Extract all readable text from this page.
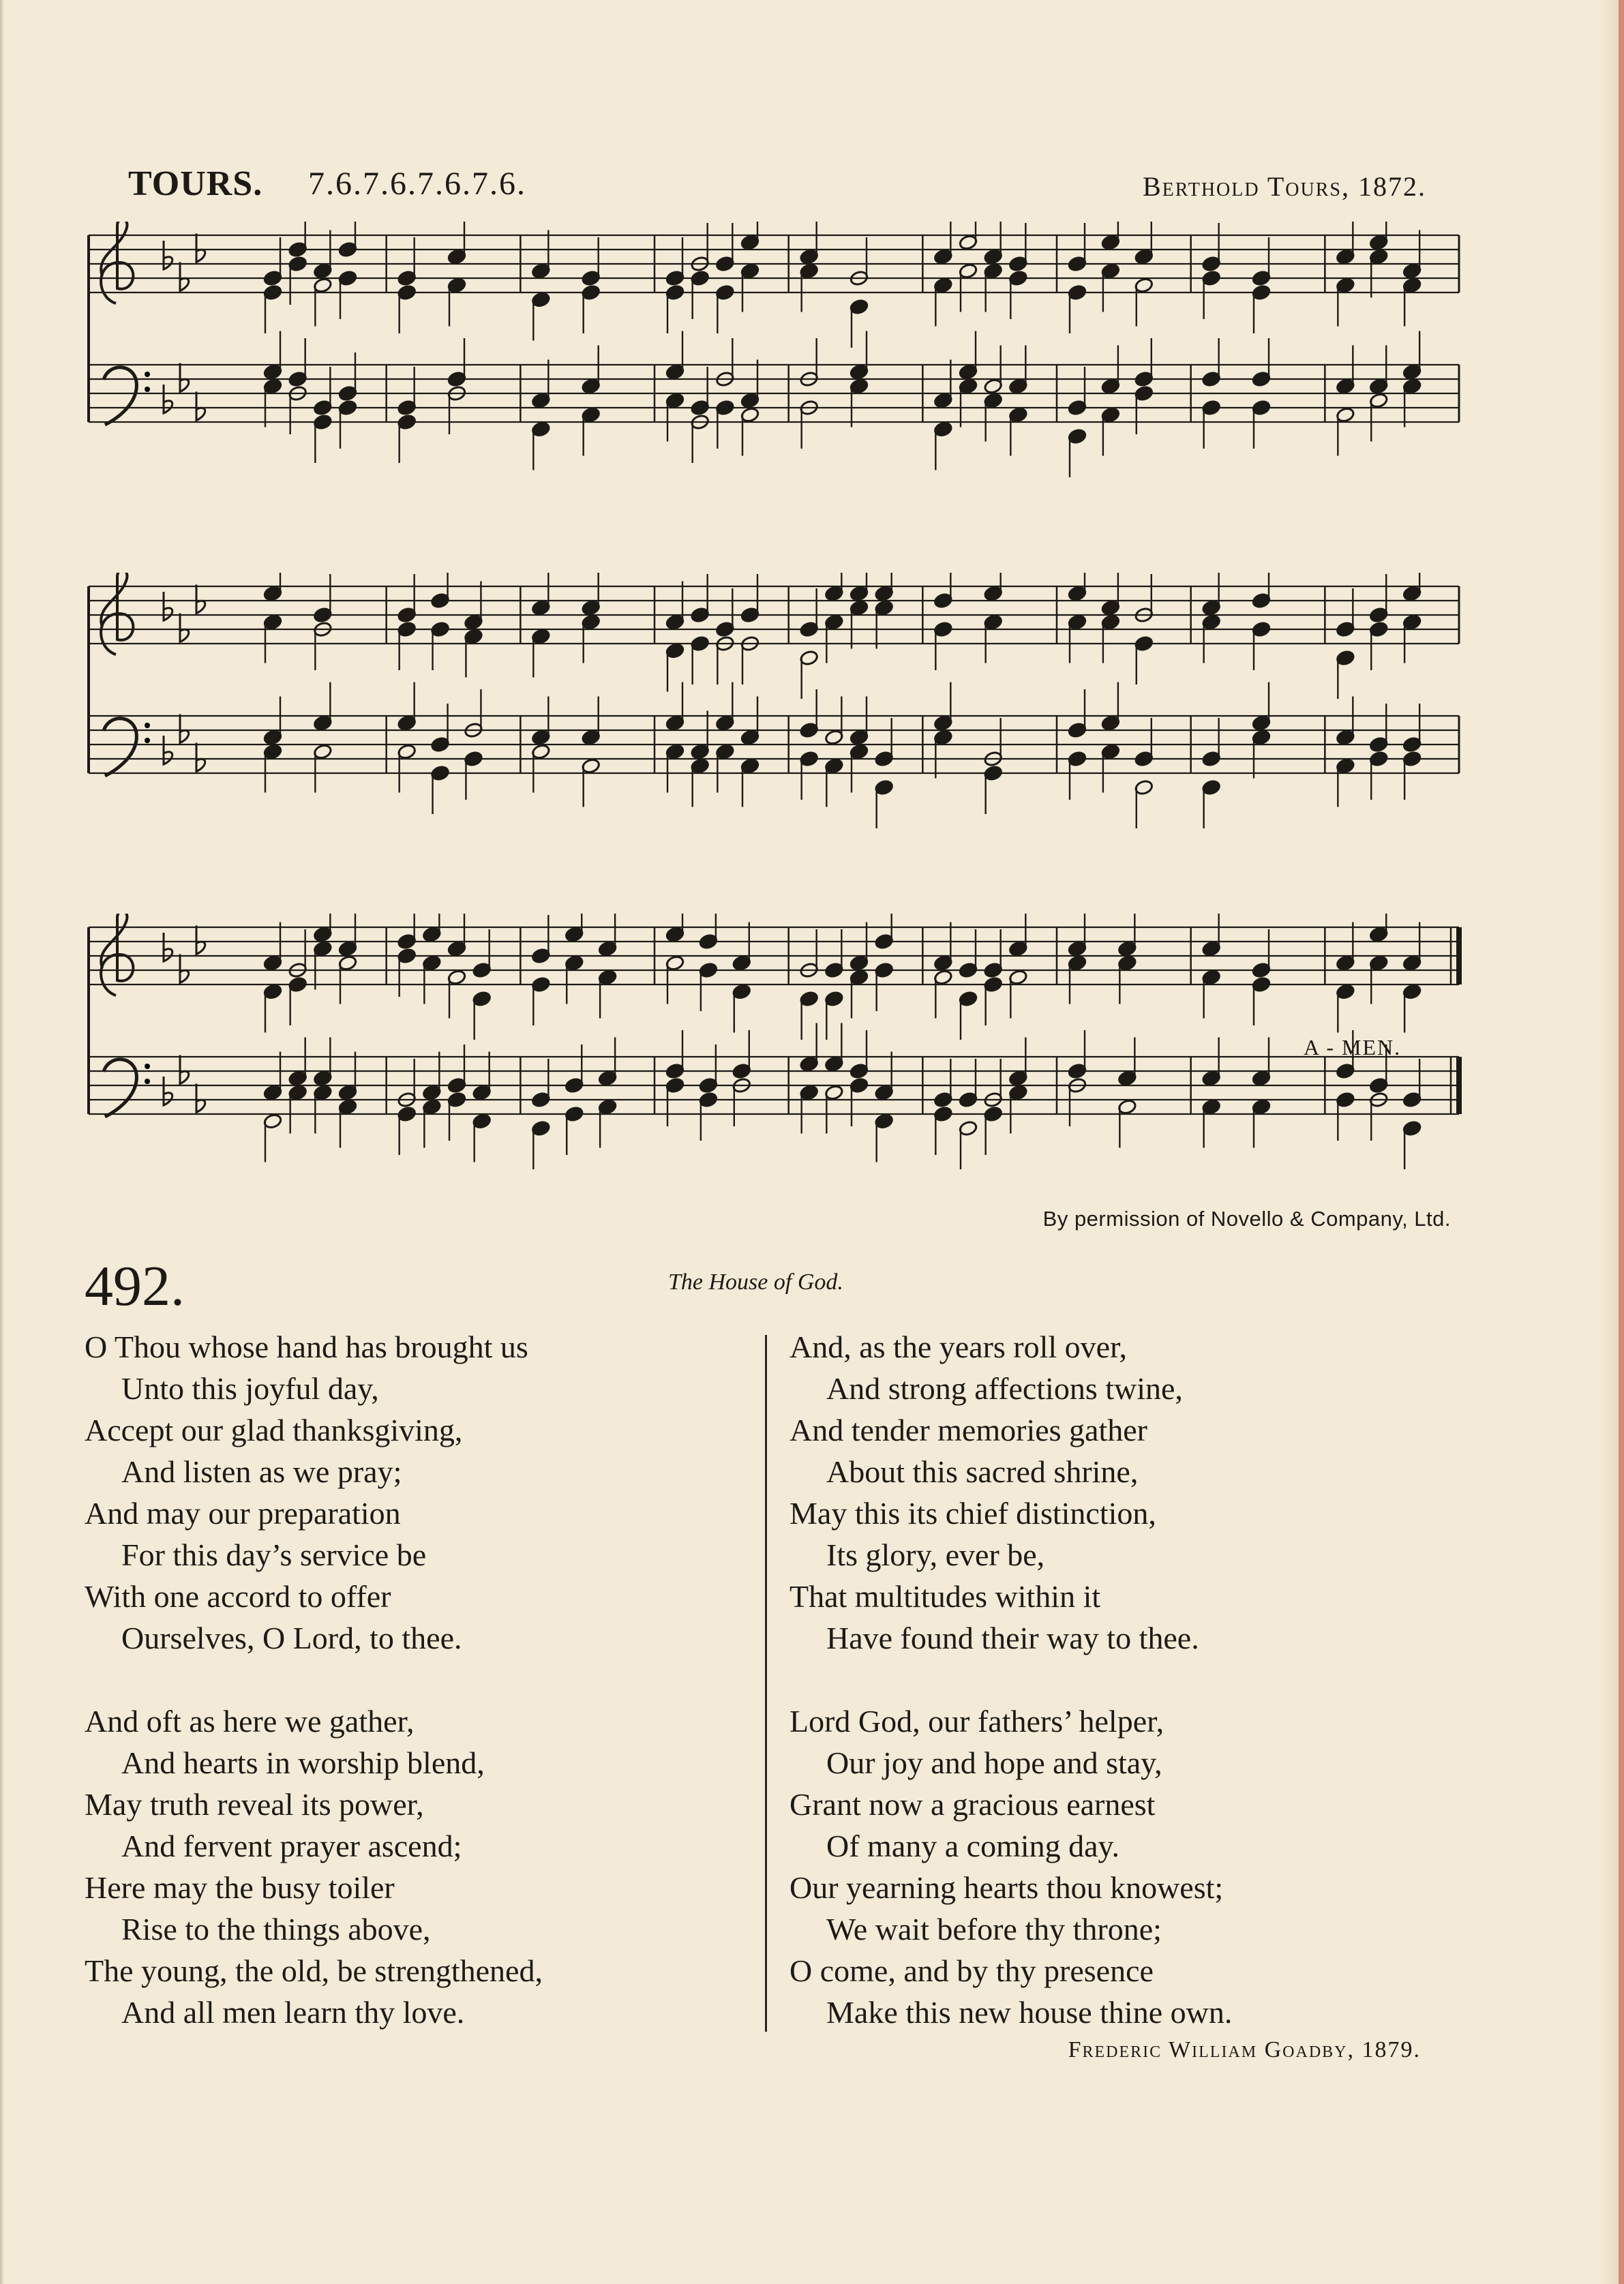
TOURS. 7.6.7.6.7.6.7.6.	Berthold Tours, 1872.
A - MEN.
By permission of Novello & Company, Ltd.
492.	The House of God.
O Thou whose hand has brought us
Unto this joyful day,
Accept our glad thanksgiving,
And listen as we pray;
And may our preparation
For this day’s service be
With one accord to offer
Ourselves, O Lord, to thee.
And oft as here we gather,
And hearts in worship blend,
May truth reveal its power,
And fervent prayer ascend;
Here may the busy toiler
Rise to the things above,
The young, the old, be strengthened,
And all men learn thy love.
And, as the years roll over,
And strong affections twine,
And tender memories gather
About this sacred shrine,
May this its chief distinction,
Its glory, ever be,
That multitudes within it
Have found their way to thee.
Lord God, our fathers’ helper,
Our joy and hope and stay,
Grant now a gracious earnest
Of many a coming day.
Our yearning hearts thou knowest;
We wait before thy throne;
O come, and by thy presence
Make this new house thine own.
Frederic William Goadby, 1879.
